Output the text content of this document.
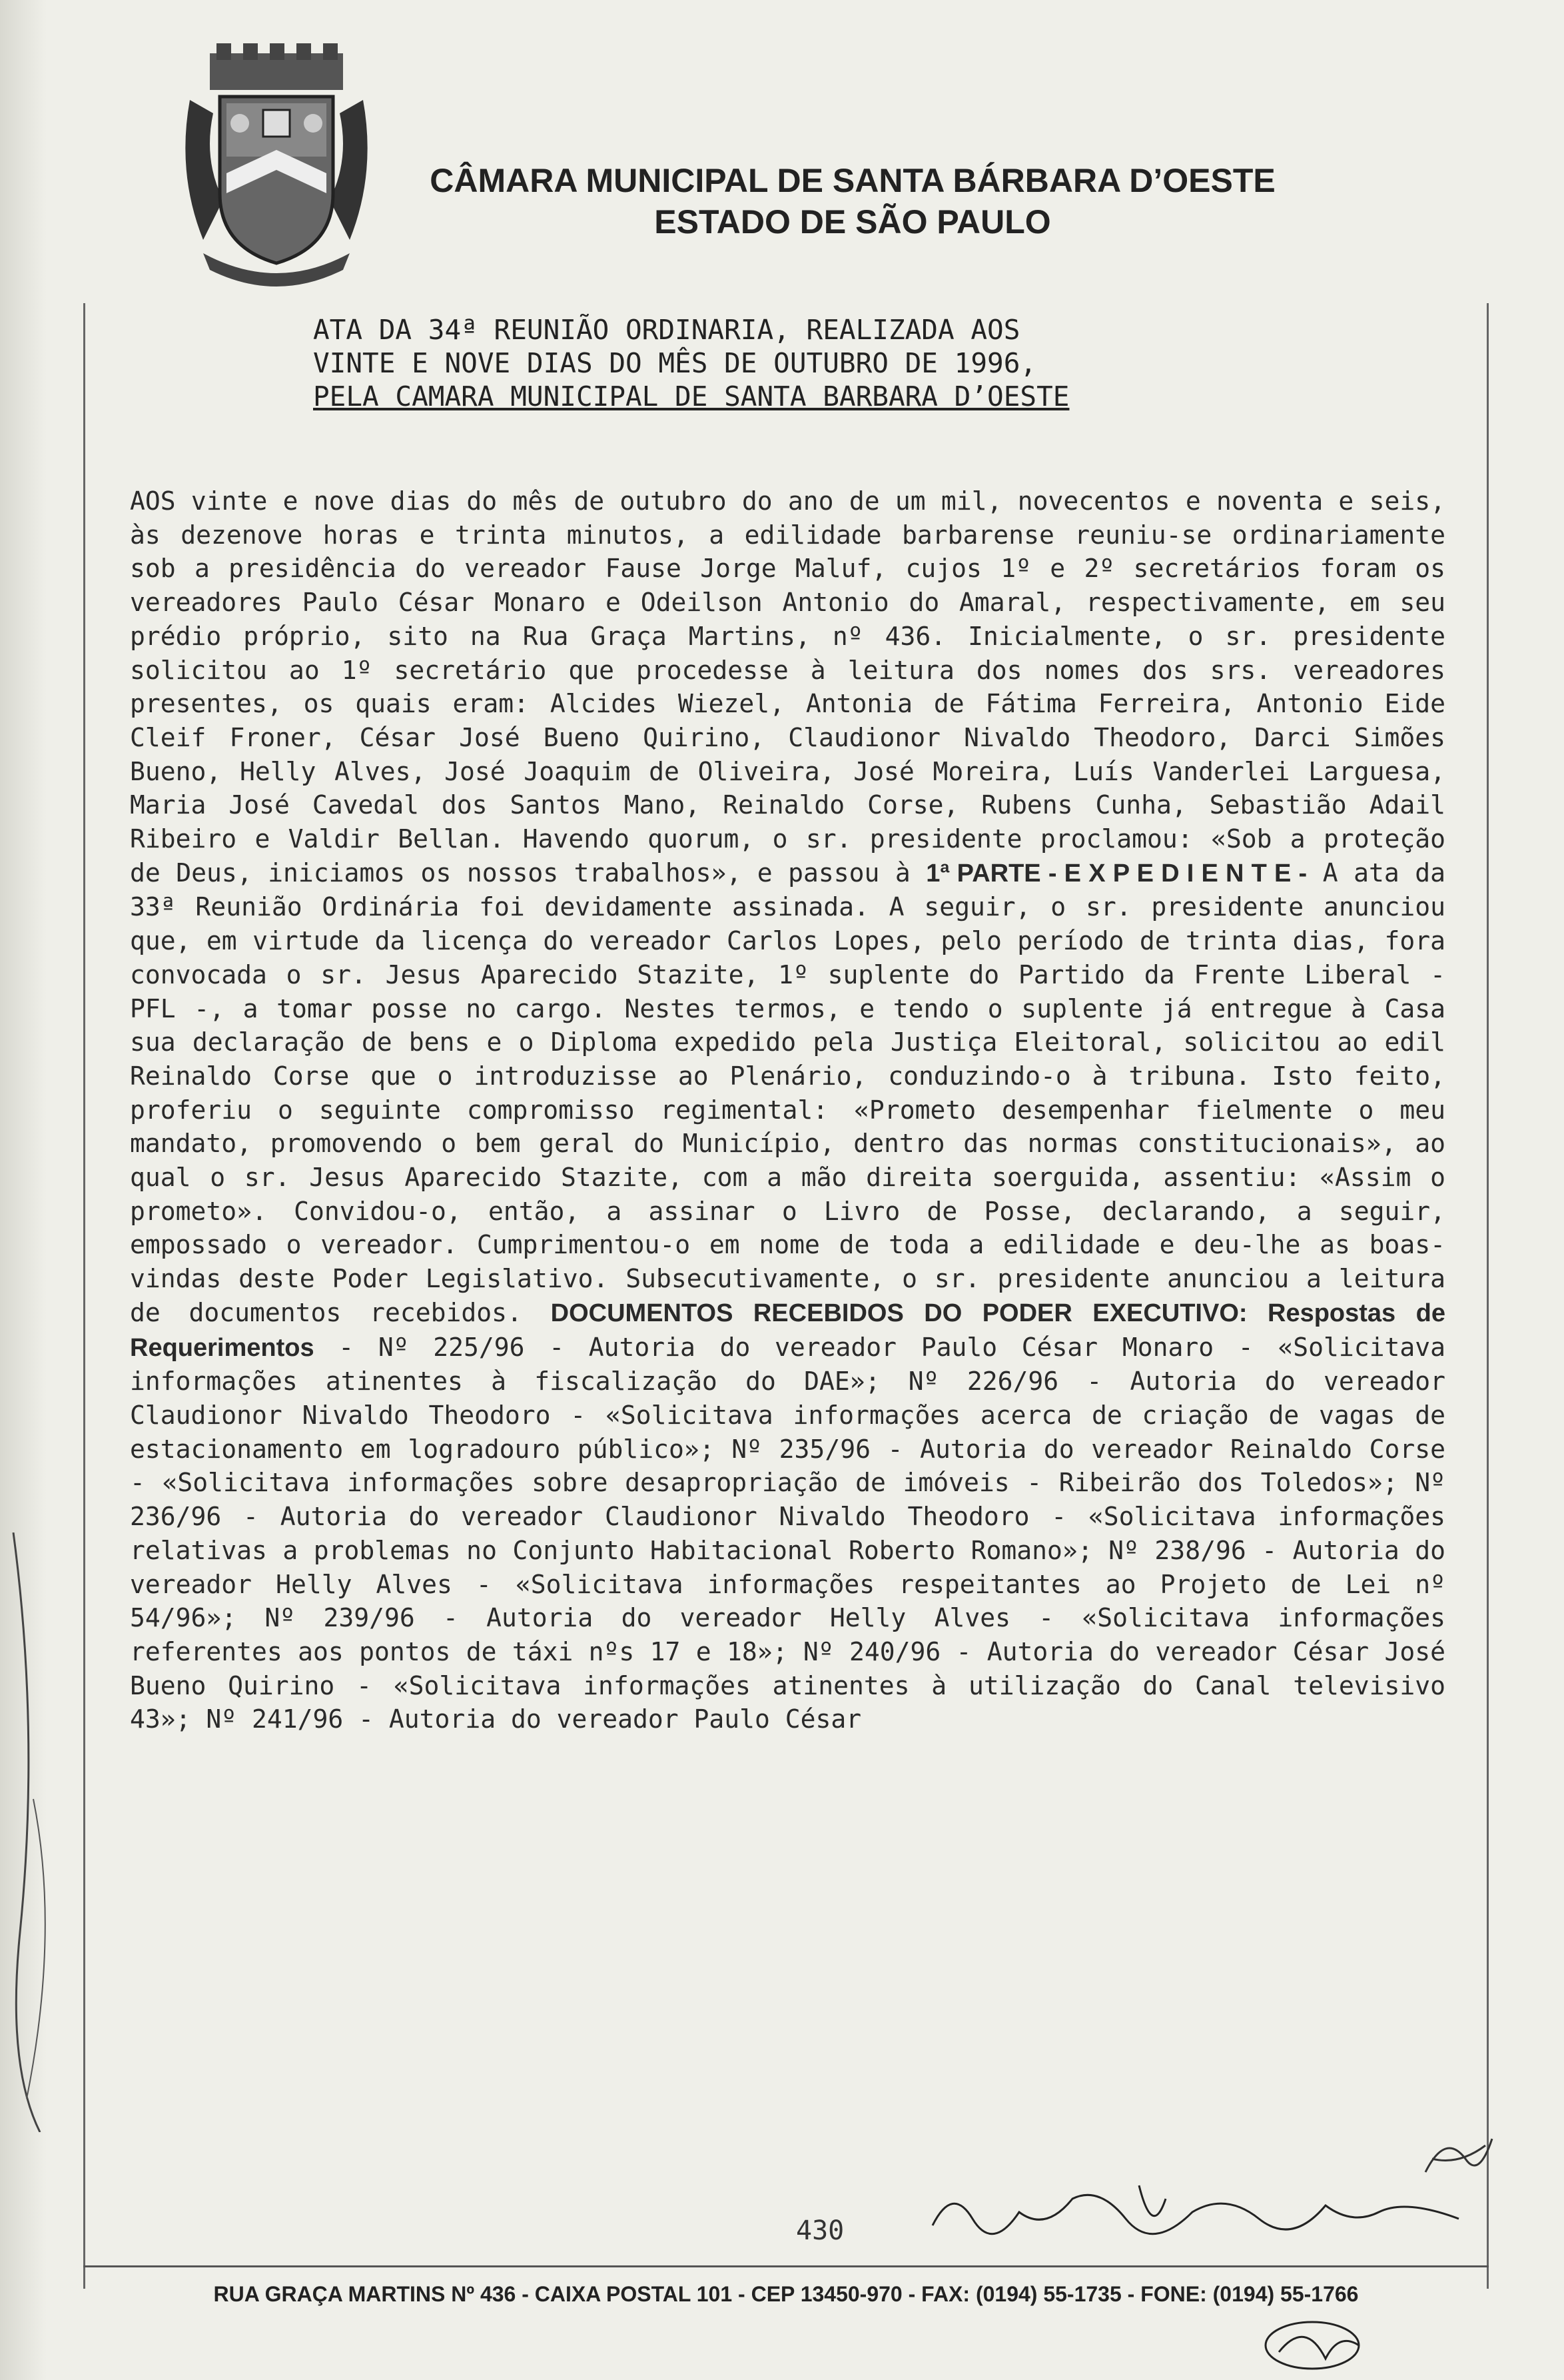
CÂMARA MUNICIPAL DE SANTA BÁRBARA D’OESTE
ESTADO DE SÃO PAULO
ATA DA 34ª REUNIÃO ORDINARIA, REALIZADA AOS
VINTE E NOVE DIAS DO MÊS DE OUTUBRO DE 1996,
PELA CAMARA MUNICIPAL DE SANTA BARBARA D’OESTE
AOS vinte e nove dias do mês de outubro do ano de um mil, novecentos e noventa e seis, às dezenove horas e trinta minutos, a edilidade barbarense reuniu-se ordinariamente sob a presidência do vereador Fause Jorge Maluf, cujos 1º e 2º secretários foram os vereadores Paulo César Monaro e Odeilson Antonio do Amaral, respectivamente, em seu prédio próprio, sito na Rua Graça Martins, nº 436. Inicialmente, o sr. presidente solicitou ao 1º secretário que procedesse à leitura dos nomes dos srs. vereadores presentes, os quais eram: Alcides Wiezel, Antonia de Fátima Ferreira, Antonio Eide Cleif Froner, César José Bueno Quirino, Claudionor Nivaldo Theodoro, Darci Simões Bueno, Helly Alves, José Joaquim de Oliveira, José Moreira, Luís Vanderlei Larguesa, Maria José Cavedal dos Santos Mano, Reinaldo Corse, Rubens Cunha, Sebastião Adail Ribeiro e Valdir Bellan. Havendo quorum, o sr. presidente proclamou: «Sob a proteção de Deus, iniciamos os nossos trabalhos», e passou à 1ª PARTE - E X P E D I E N T E - A ata da 33ª Reunião Ordinária foi devidamente assinada. A seguir, o sr. presidente anunciou que, em virtude da licença do vereador Carlos Lopes, pelo período de trinta dias, fora convocada o sr. Jesus Aparecido Stazite, 1º suplente do Partido da Frente Liberal - PFL -, a tomar posse no cargo. Nestes termos, e tendo o suplente já entregue à Casa sua declaração de bens e o Diploma expedido pela Justiça Eleitoral, solicitou ao edil Reinaldo Corse que o introduzisse ao Plenário, conduzindo-o à tribuna. Isto feito, proferiu o seguinte compromisso regimental: «Prometo desempenhar fielmente o meu mandato, promovendo o bem geral do Município, dentro das normas constitucionais», ao qual o sr. Jesus Aparecido Stazite, com a mão direita soerguida, assentiu: «Assim o prometo». Convidou-o, então, a assinar o Livro de Posse, declarando, a seguir, empossado o vereador. Cumprimentou-o em nome de toda a edilidade e deu-lhe as boas-vindas deste Poder Legislativo. Subsecutivamente, o sr. presidente anunciou a leitura de documentos recebidos. DOCUMENTOS RECEBIDOS DO PODER EXECUTIVO: Respostas de Requerimentos - Nº 225/96 - Autoria do vereador Paulo César Monaro - «Solicitava informações atinentes à fiscalização do DAE»; Nº 226/96 - Autoria do vereador Claudionor Nivaldo Theodoro - «Solicitava informações acerca de criação de vagas de estacionamento em logradouro público»; Nº 235/96 - Autoria do vereador Reinaldo Corse - «Solicitava informações sobre desapropriação de imóveis - Ribeirão dos Toledos»; Nº 236/96 - Autoria do vereador Claudionor Nivaldo Theodoro - «Solicitava informações relativas a problemas no Conjunto Habitacional Roberto Romano»; Nº 238/96 - Autoria do vereador Helly Alves - «Solicitava informações respeitantes ao Projeto de Lei nº 54/96»; Nº 239/96 - Autoria do vereador Helly Alves - «Solicitava informações referentes aos pontos de táxi nºs 17 e 18»; Nº 240/96 - Autoria do vereador César José Bueno Quirino - «Solicitava informações atinentes à utilização do Canal televisivo 43»; Nº 241/96 - Autoria do vereador Paulo César
430
RUA GRAÇA MARTINS Nº 436 - CAIXA POSTAL 101 - CEP 13450-970 - FAX: (0194) 55-1735 - FONE: (0194) 55-1766
